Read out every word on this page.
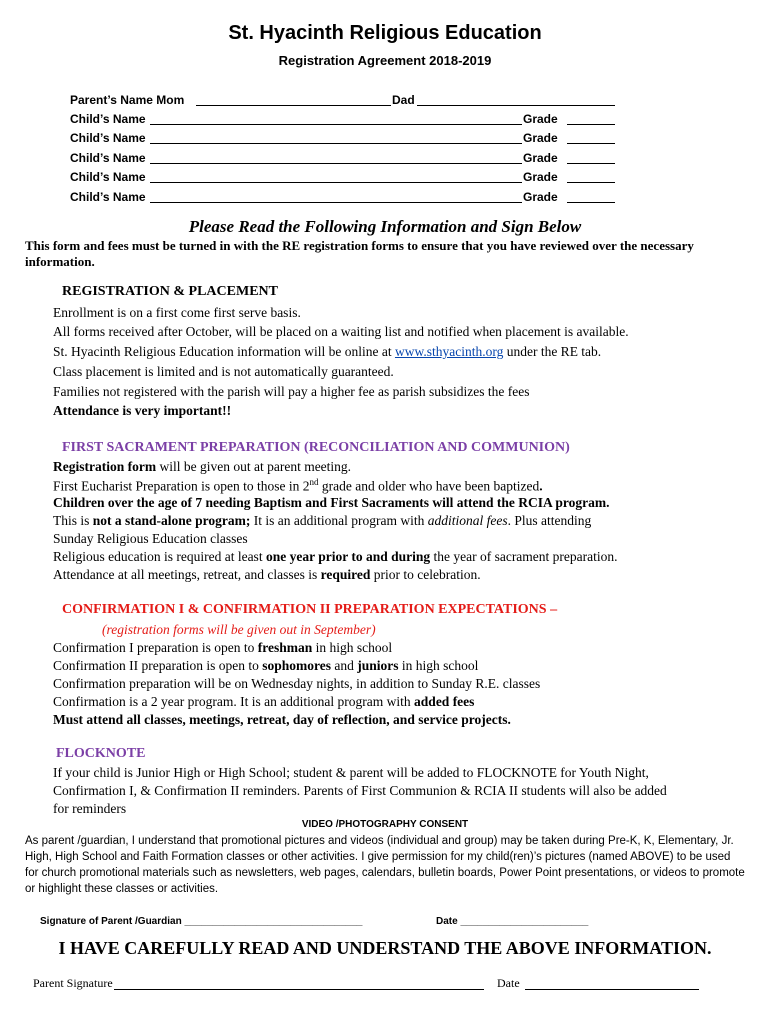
St. Hyacinth Religious Education
Registration Agreement 2018-2019
Parent’s Name Mom	Dad
Child’s Name	Grade
Child’s Name	Grade
Child’s Name	Grade
Child’s Name	Grade
Child’s Name	Grade
Please Read the Following Information and Sign Below
This form and fees must be turned in with the RE registration forms to ensure that you have reviewed over the necessary information.
REGISTRATION & PLACEMENT
Enrollment is on a first come first serve basis.
All forms received after October, will be placed on a waiting list and notified when placement is available.
St. Hyacinth Religious Education information will be online at www.sthyacinth.org under the RE tab.
Class placement is limited and is not automatically guaranteed.
Families not registered with the parish will pay a higher fee as parish subsidizes the fees
Attendance is very important!!
FIRST SACRAMENT PREPARATION (RECONCILIATION AND COMMUNION)
Registration form will be given out at parent meeting.
First Eucharist Preparation is open to those in 2nd grade and older who have been baptized.
Children over the age of 7 needing Baptism and First Sacraments will attend the RCIA program.
This is not a stand-alone program; It is an additional program with additional fees. Plus attending
Sunday Religious Education classes
Religious education is required at least one year prior to and during the year of sacrament preparation.
Attendance at all meetings, retreat, and classes is required prior to celebration.
CONFIRMATION I & CONFIRMATION II PREPARATION EXPECTATIONS –
(registration forms will be given out in September)
Confirmation I preparation is open to freshman in high school
Confirmation II preparation is open to sophomores and juniors in high school
Confirmation preparation will be on Wednesday nights, in addition to Sunday R.E. classes
Confirmation is a 2 year program. It is an additional program with added fees
Must attend all classes, meetings, retreat, day of reflection, and service projects.
FLOCKNOTE
If your child is Junior High or High School; student & parent will be added to FLOCKNOTE for Youth Night,
Confirmation I, & Confirmation II reminders. Parents of First Communion & RCIA II students will also be added
for reminders
VIDEO /PHOTOGRAPHY CONSENT
As parent /guardian, I understand that promotional pictures and videos (individual and group) may be taken during Pre-K, K, Elementary, Jr. High, High School and Faith Formation classes or other activities. I give permission for my child(ren)’s pictures (named ABOVE) to be used for church promotional materials such as newsletters, web pages, calendars, bulletin boards, Power Point presentations, or videos to promote or highlight these classes or activities.
Signature of Parent /Guardian ________________________________	Date _______________________
I HAVE CAREFULLY READ AND UNDERSTAND THE ABOVE INFORMATION.
Parent Signature	Date
